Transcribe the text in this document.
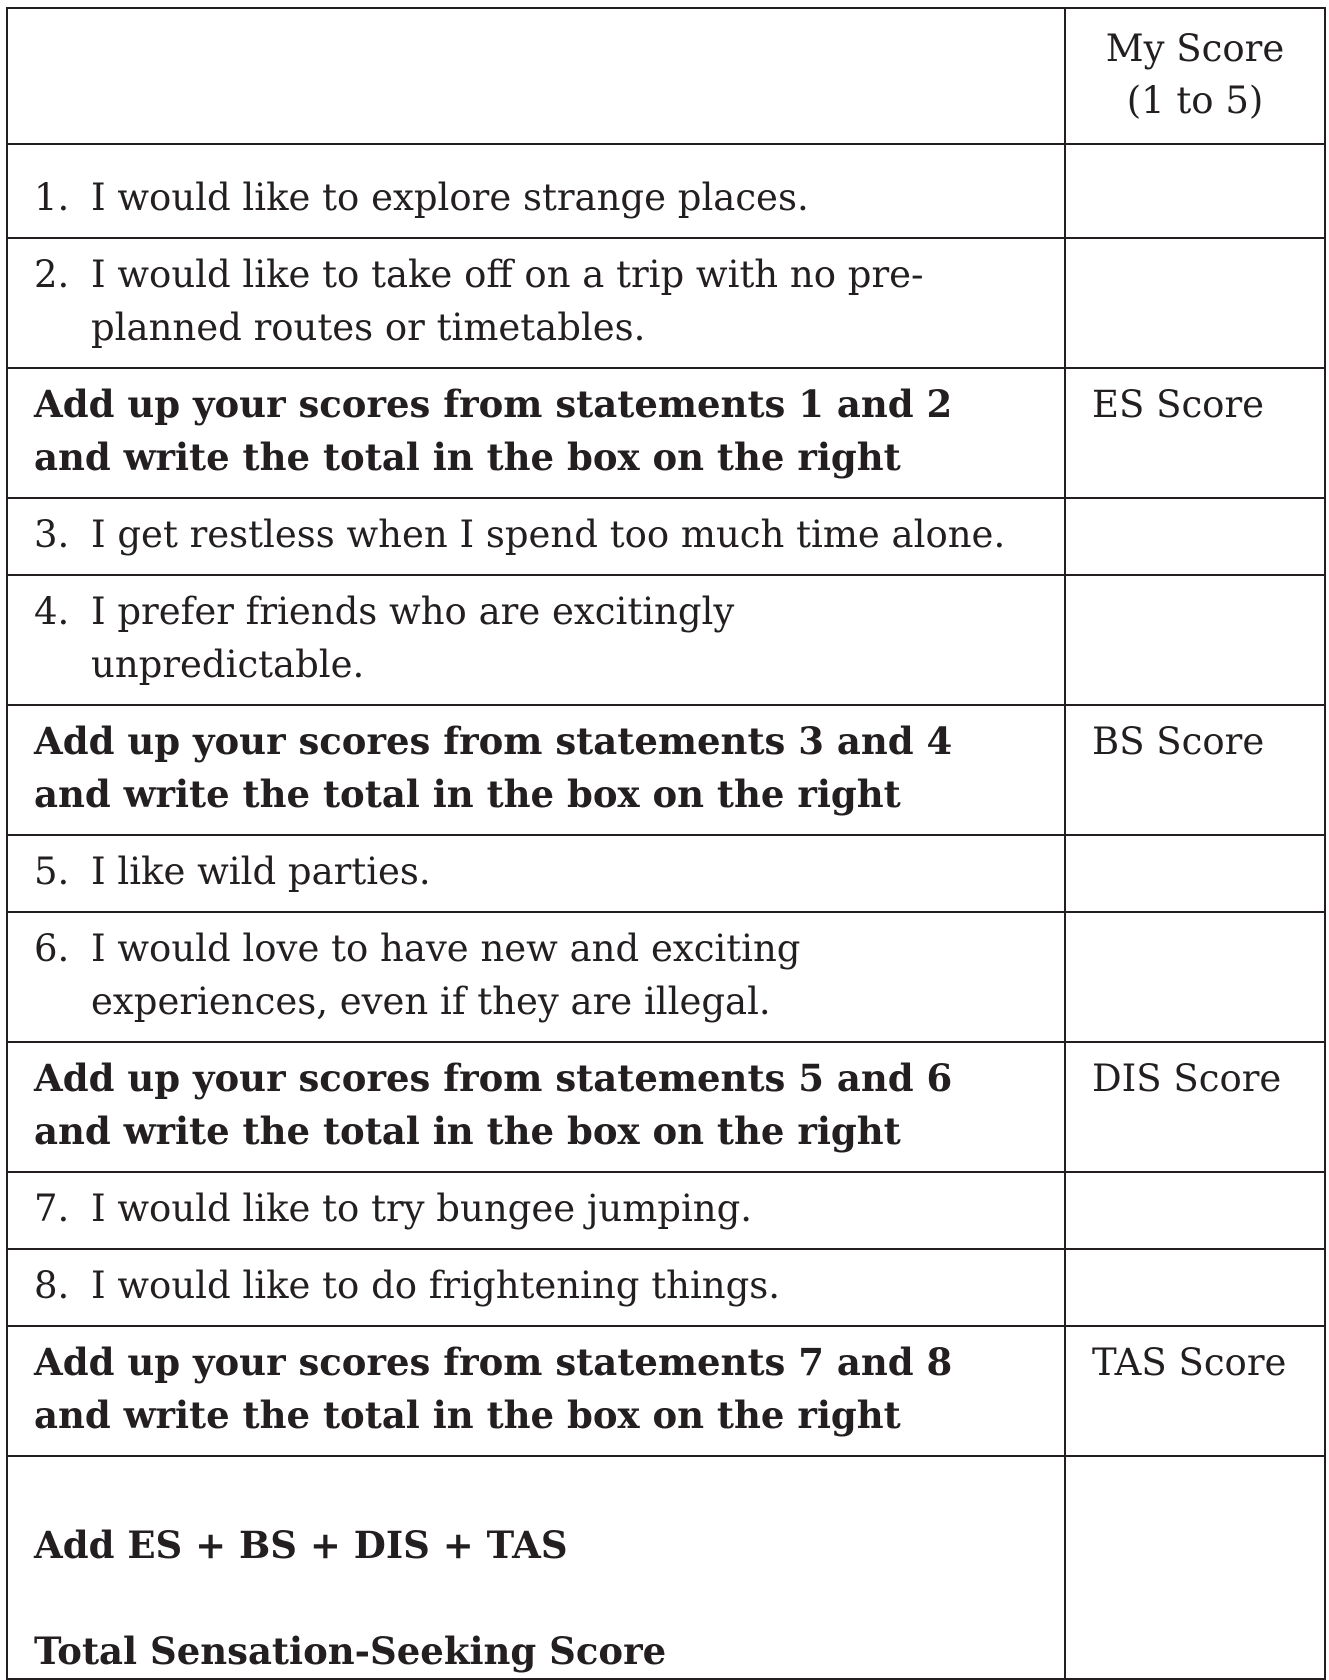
	My Score
(1 to 5)

1. I would like to explore strange places.	

2. I would like to take off on a trip with no pre-
planned routes or timetables.	

Add up your scores from statements 1 and 2
and write the total in the box on the right	ES Score

3. I get restless when I spend too much time alone.	

4. I prefer friends who are excitingly
unpredictable.	

Add up your scores from statements 3 and 4
and write the total in the box on the right	BS Score

5. I like wild parties.	

6. I would love to have new and exciting
experiences, even if they are illegal.	

Add up your scores from statements 5 and 6
and write the total in the box on the right	DIS Score

7. I would like to try bungee jumping.	

8. I would like to do frightening things.	

Add up your scores from statements 7 and 8
and write the total in the box on the right	TAS Score

Add ES + BS + DIS + TAS

Total Sensation-Seeking Score	
